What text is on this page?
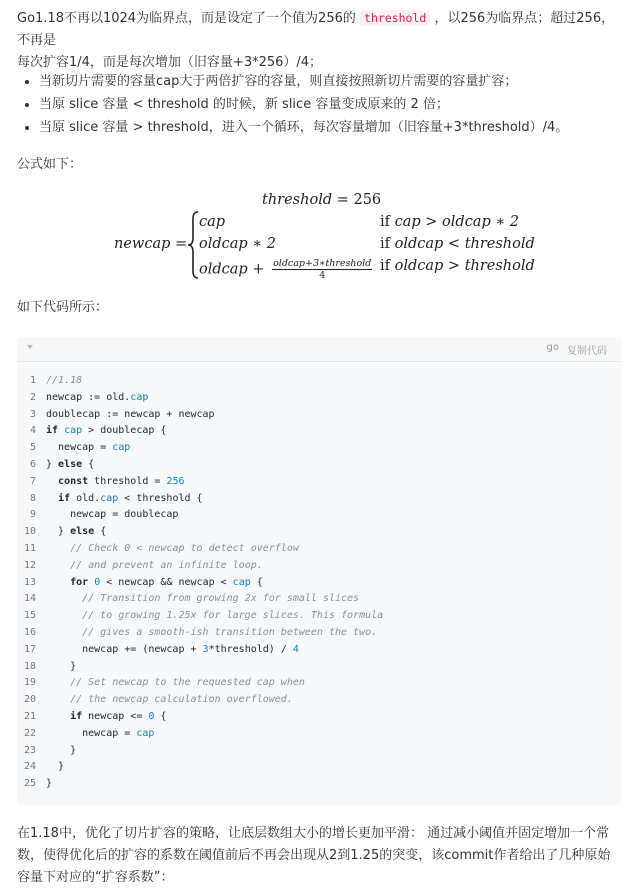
Go1.18不再以1024为临界点，而是设定了一个值为256的 threshold ，以256为临界点；超过256，不再是
每次扩容1/4，而是每次增加（旧容量+3*256）/4；
• 当新切片需要的容量cap大于两倍扩容的容量，则直接按照新切片需要的容量扩容；
• 当原 slice 容量 < threshold 的时候，新 slice 容量变成原来的 2 倍；
• 当原 slice 容量 > threshold，进入一个循环，每次容量增加（旧容量+3*threshold）/4。
公式如下：
threshold = 256
newcap =
cap
oldcap ∗ 2
oldcap + oldcap+3∗threshold
4
if cap > oldcap ∗ 2
if oldcap < threshold
if oldcap > threshold
如下代码所示：
go 复制代码
1 //1.18
2 newcap := old.cap
3 doublecap := newcap + newcap
4 if cap > doublecap {
5  newcap = cap
6 } else {
7 const threshold = 256
8 if old.cap < threshold {
9    newcap = doublecap
10  } else {
11	// Check 0 < newcap to detect overflow
12	// and prevent an infinite loop.
13	for 0 < newcap && newcap < cap {
14	// Transition from growing 2x for small slices
15	// to growing 1.25x for large slices. This formula
16	// gives a smooth-ish transition between the two.
17      newcap += (newcap + 3*threshold) / 4
18    }
19	// Set newcap to the requested cap when
20	// the newcap calculation overflowed.
21	if newcap <= 0 {
22      newcap = cap
23    }
24  }
25 }
在1.18中，优化了切片扩容的策略，让底层数组大小的增长更加平滑： 通过减小阈值并固定增加一个常数，使得优化后的扩容的系数在阈值前后不再会出现从2到1.25的突变，该commit作者给出了几种原始容量下对应的“扩容系数”：
